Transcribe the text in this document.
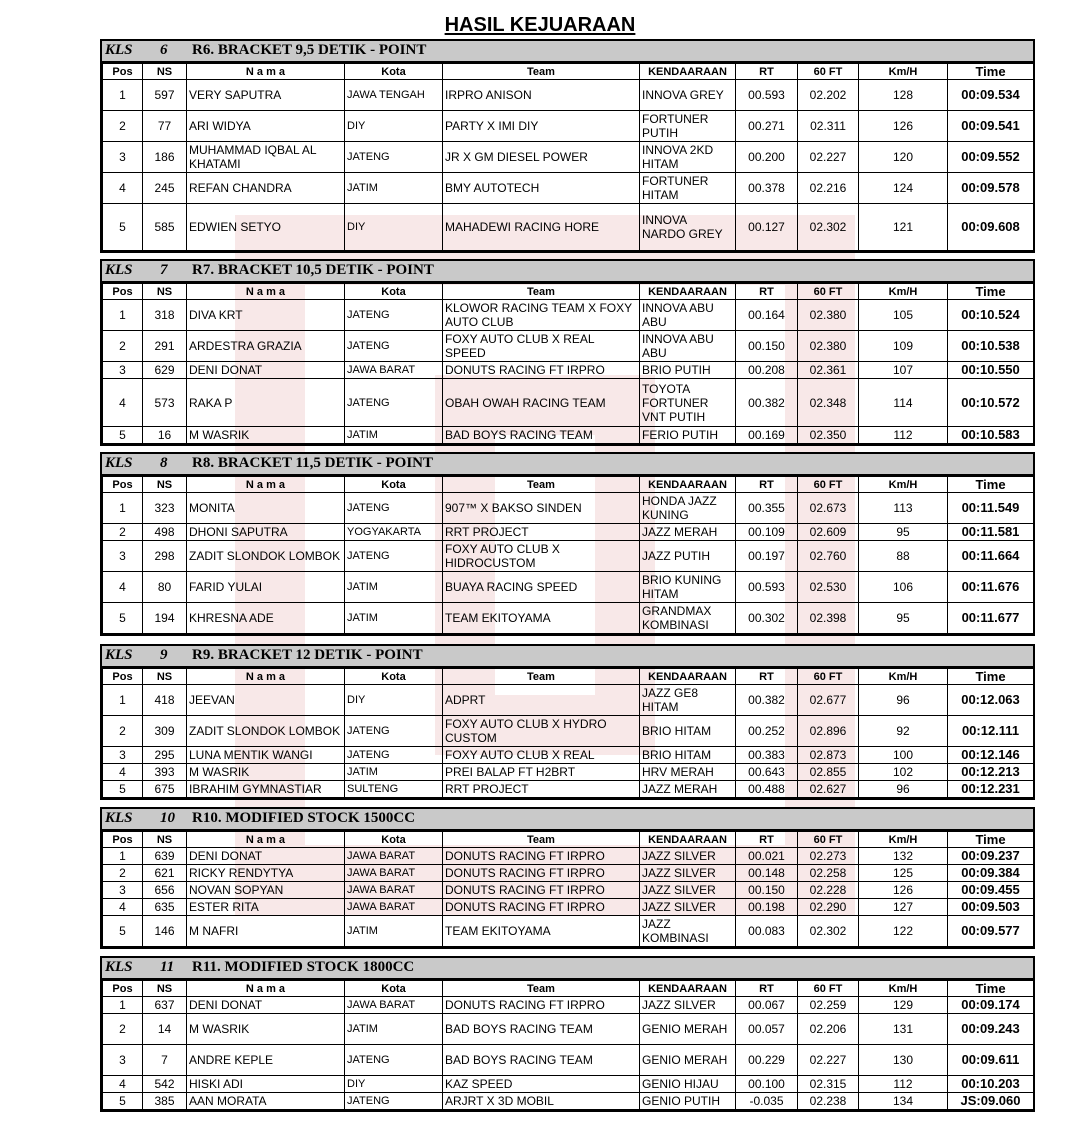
HASIL KEJUARAAN
KLS 6 R6. BRACKET 9,5 DETIK - POINT
Pos	NS	N a m a	Kota	Team	KENDAARAAN	RT	60 FT	Km/H	Time
1	597	VERY SAPUTRA	JAWA TENGAH	IRPRO ANISON	INNOVA GREY	00.593	02.202	128	00:09.534
2	77	ARI WIDYA	DIY	PARTY X IMI DIY	FORTUNER PUTIH	00.271	02.311	126	00:09.541
3	186	MUHAMMAD IQBAL AL KHATAMI	JATENG	JR X GM DIESEL POWER	INNOVA 2KD HITAM	00.200	02.227	120	00:09.552
4	245	REFAN CHANDRA	JATIM	BMY AUTOTECH	FORTUNER HITAM	00.378	02.216	124	00:09.578
5	585	EDWIEN SETYO	DIY	MAHADEWI RACING HORE	INNOVA NARDO GREY	00.127	02.302	121	00:09.608
KLS 7 R7. BRACKET 10,5 DETIK - POINT
Pos	NS	N a m a	Kota	Team	KENDAARAAN	RT	60 FT	Km/H	Time
1	318	DIVA KRT	JATENG	KLOWOR RACING TEAM X FOXY AUTO CLUB	INNOVA ABU ABU	00.164	02.380	105	00:10.524
2	291	ARDESTRA GRAZIA	JATENG	FOXY AUTO CLUB X REAL SPEED	INNOVA ABU ABU	00.150	02.380	109	00:10.538
3	629	DENI DONAT	JAWA BARAT	DONUTS RACING FT IRPRO	BRIO PUTIH	00.208	02.361	107	00:10.550
4	573	RAKA P	JATENG	OBAH OWAH RACING TEAM	TOYOTA FORTUNER VNT PUTIH	00.382	02.348	114	00:10.572
5	16	M WASRIK	JATIM	BAD BOYS RACING TEAM	FERIO PUTIH	00.169	02.350	112	00:10.583
KLS 8 R8. BRACKET 11,5 DETIK - POINT
Pos	NS	N a m a	Kota	Team	KENDAARAAN	RT	60 FT	Km/H	Time
1	323	MONITA	JATENG	907™ X BAKSO SINDEN	HONDA JAZZ KUNING	00.355	02.673	113	00:11.549
2	498	DHONI SAPUTRA	YOGYAKARTA	RRT PROJECT	JAZZ MERAH	00.109	02.609	95	00:11.581
3	298	ZADIT SLONDOK LOMBOK	JATENG	FOXY AUTO CLUB X HIDROCUSTOM	JAZZ PUTIH	00.197	02.760	88	00:11.664
4	80	FARID YULAI	JATIM	BUAYA RACING SPEED	BRIO KUNING HITAM	00.593	02.530	106	00:11.676
5	194	KHRESNA ADE	JATIM	TEAM EKITOYAMA	GRANDMAX KOMBINASI	00.302	02.398	95	00:11.677
KLS 9 R9. BRACKET 12 DETIK - POINT
Pos	NS	N a m a	Kota	Team	KENDAARAAN	RT	60 FT	Km/H	Time
1	418	JEEVAN	DIY	ADPRT	JAZZ GE8 HITAM	00.382	02.677	96	00:12.063
2	309	ZADIT SLONDOK LOMBOK	JATENG	FOXY AUTO CLUB X HYDRO CUSTOM	BRIO HITAM	00.252	02.896	92	00:12.111
3	295	LUNA MENTIK WANGI	JATENG	FOXY AUTO CLUB X REAL	BRIO HITAM	00.383	02.873	100	00:12.146
4	393	M WASRIK	JATIM	PREI BALAP FT H2BRT	HRV MERAH	00.643	02.855	102	00:12.213
5	675	IBRAHIM GYMNASTIAR	SULTENG	RRT PROJECT	JAZZ MERAH	00.488	02.627	96	00:12.231
KLS 10 R10. MODIFIED STOCK 1500CC
Pos	NS	N a m a	Kota	Team	KENDAARAAN	RT	60 FT	Km/H	Time
1	639	DENI DONAT	JAWA BARAT	DONUTS RACING FT IRPRO	JAZZ SILVER	00.021	02.273	132	00:09.237
2	621	RICKY RENDYTYA	JAWA BARAT	DONUTS RACING FT IRPRO	JAZZ SILVER	00.148	02.258	125	00:09.384
3	656	NOVAN SOPYAN	JAWA BARAT	DONUTS RACING FT IRPRO	JAZZ SILVER	00.150	02.228	126	00:09.455
4	635	ESTER RITA	JAWA BARAT	DONUTS RACING FT IRPRO	JAZZ SILVER	00.198	02.290	127	00:09.503
5	146	M NAFRI	JATIM	TEAM EKITOYAMA	JAZZ KOMBINASI	00.083	02.302	122	00:09.577
KLS 11 R11. MODIFIED STOCK 1800CC
Pos	NS	N a m a	Kota	Team	KENDAARAAN	RT	60 FT	Km/H	Time
1	637	DENI DONAT	JAWA BARAT	DONUTS RACING FT IRPRO	JAZZ SILVER	00.067	02.259	129	00:09.174
2	14	M WASRIK	JATIM	BAD BOYS RACING TEAM	GENIO MERAH	00.057	02.206	131	00:09.243
3	7	ANDRE KEPLE	JATENG	BAD BOYS RACING TEAM	GENIO MERAH	00.229	02.227	130	00:09.611
4	542	HISKI ADI	DIY	KAZ SPEED	GENIO HIJAU	00.100	02.315	112	00:10.203
5	385	AAN MORATA	JATENG	ARJRT X 3D MOBIL	GENIO PUTIH	-0.035	02.238	134	JS:09.060
